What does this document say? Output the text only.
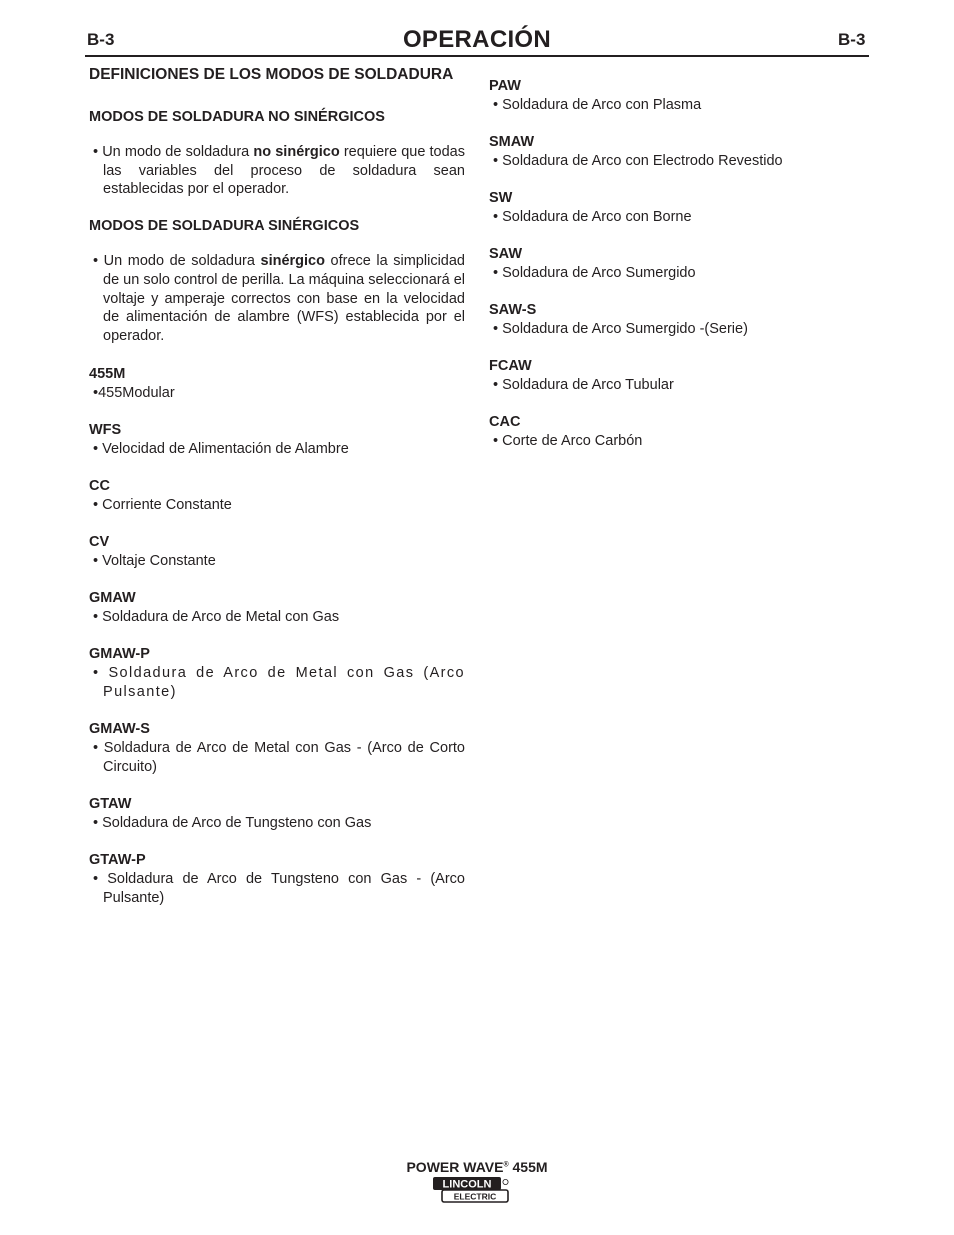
B-3	OPERACIÓN	B-3
DEFINICIONES DE LOS MODOS DE SOLDADURA
MODOS DE SOLDADURA NO SINÉRGICOS

• Un modo de soldadura no sinérgico requiere que todas las variables del proceso de soldadura sean establecidas por el operador.

MODOS DE SOLDADURA SINÉRGICOS

• Un modo de soldadura sinérgico ofrece la simplicidad de un solo control de perilla. La máquina seleccionará el voltaje y amperaje correctos con base en la velocidad de alimentación de alambre (WFS) establecida por el operador.

455M
•455Modular
WFS
• Velocidad de Alimentación de Alambre
CC
• Corriente Constante
CV
• Voltaje Constante
GMAW
• Soldadura de Arco de Metal con Gas
GMAW-P
• Soldadura de Arco de Metal con Gas (Arco Pulsante)
GMAW-S
• Soldadura de Arco de Metal con Gas - (Arco de Corto Circuito)
GTAW
• Soldadura de Arco de Tungsteno con Gas
GTAW-P
• Soldadura de Arco de Tungsteno con Gas - (Arco Pulsante)
PAW
• Soldadura de Arco con Plasma
SMAW
• Soldadura de Arco con Electrodo Revestido
SW
• Soldadura de Arco con Borne
SAW
• Soldadura de Arco Sumergido
SAW-S
• Soldadura de Arco Sumergido -(Serie)
FCAW
• Soldadura de Arco Tubular
CAC
• Corte de Arco Carbón
POWER WAVE® 455M
LINCOLN
ELECTRIC
